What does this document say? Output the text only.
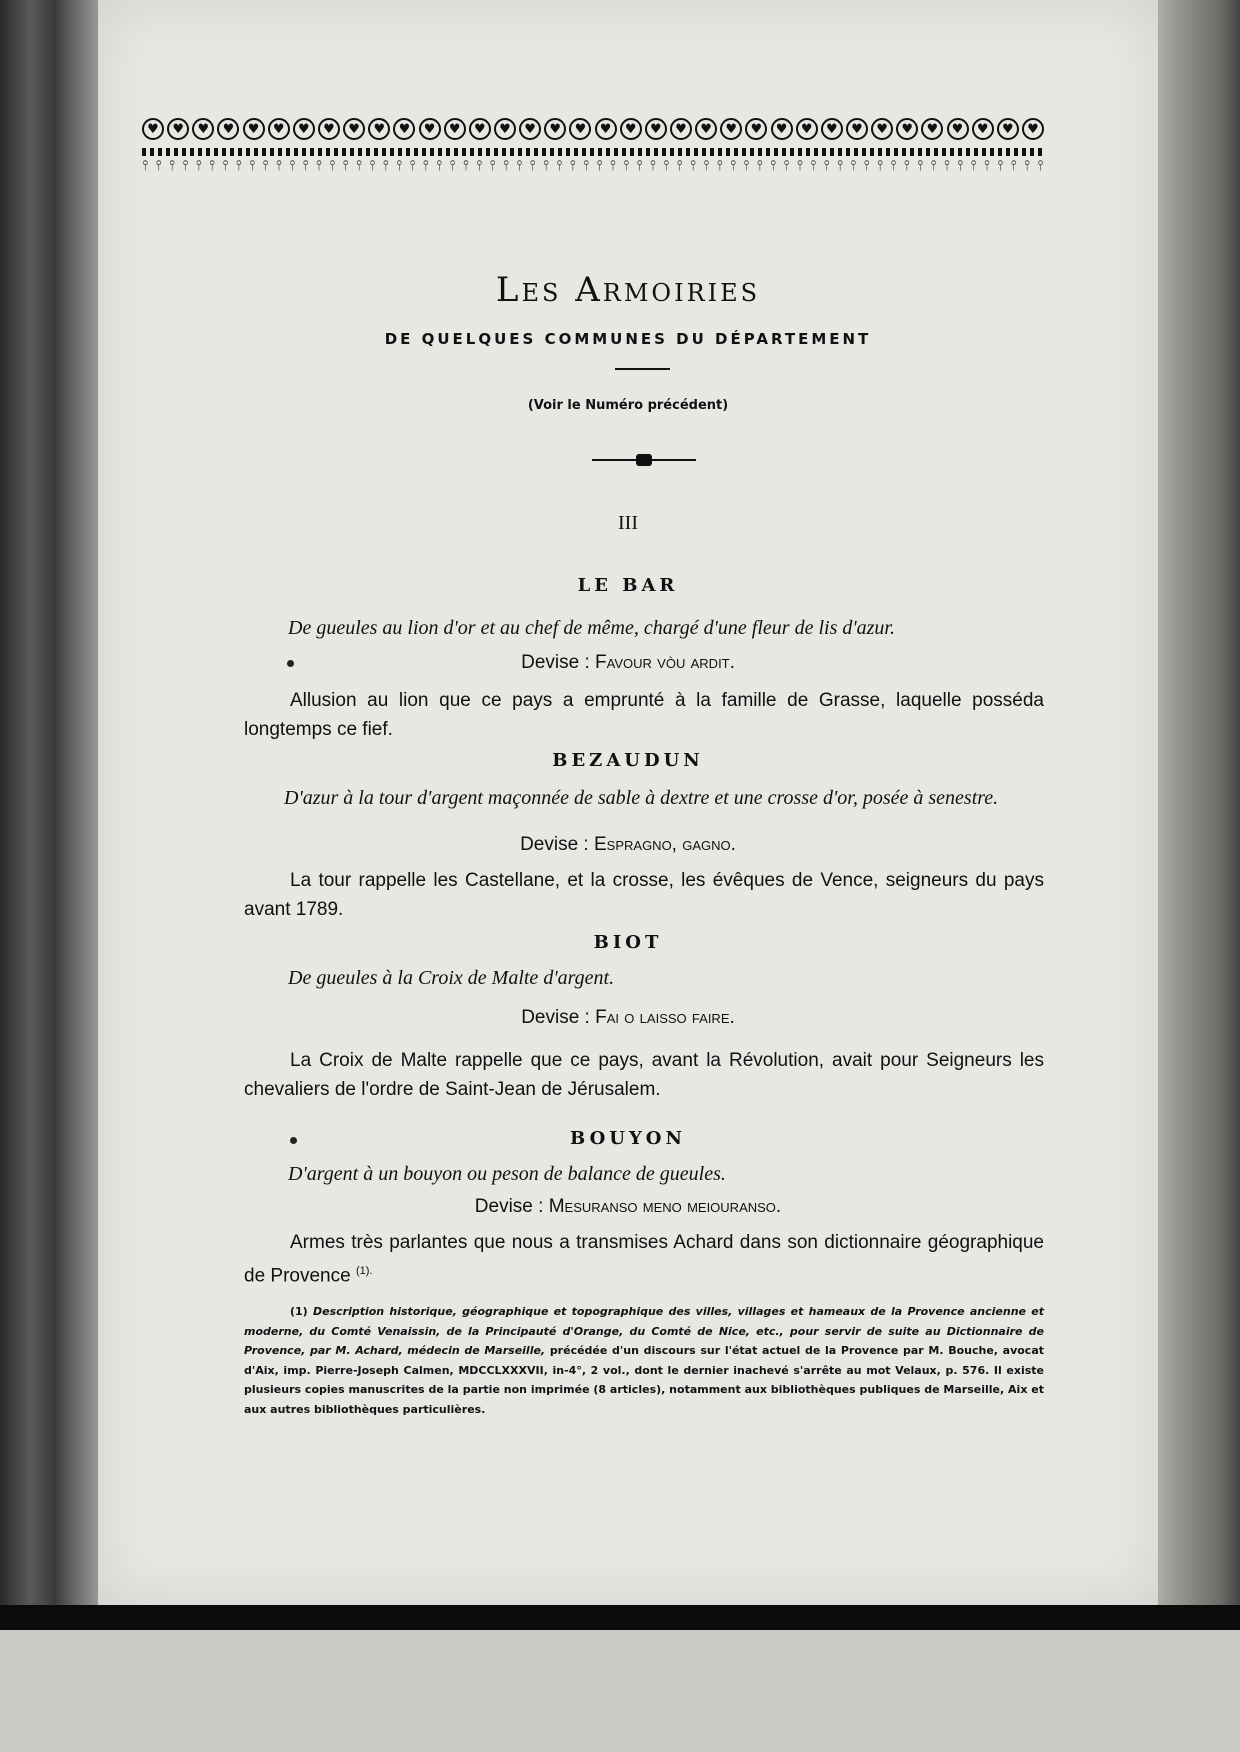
♥	♥	♥	♥	♥	♥	♥	♥	♥	♥	♥	♥	♥	♥	♥	♥	♥	♥	♥	♥	♥	♥	♥	♥	♥	♥	♥	♥	♥	♥	♥	♥	♥	♥	♥	♥
⫯ ⫯ ⫯ ⫯ ⫯ ⫯ ⫯ ⫯ ⫯ ⫯ ⫯ ⫯ ⫯ ⫯ ⫯ ⫯ ⫯ ⫯ ⫯ ⫯ ⫯ ⫯ ⫯ ⫯ ⫯ ⫯ ⫯ ⫯ ⫯ ⫯ ⫯ ⫯ ⫯ ⫯ ⫯ ⫯ ⫯ ⫯ ⫯ ⫯ ⫯ ⫯ ⫯ ⫯ ⫯ ⫯ ⫯ ⫯ ⫯ ⫯ ⫯ ⫯ ⫯ ⫯ ⫯ ⫯ ⫯ ⫯ ⫯ ⫯ ⫯ ⫯ ⫯ ⫯ ⫯ ⫯ ⫯ ⫯
Les Armoiries
DE QUELQUES COMMUNES DU DÉPARTEMENT
(Voir le Numéro précédent)
III
LE BAR
De gueules au lion d'or et au chef de même, chargé d'une fleur de lis d'azur.
Devise : Favour vòu ardit.
Allusion au lion que ce pays a emprunté à la famille de Grasse, laquelle posséda longtemps ce fief.
BEZAUDUN
D'azur à la tour d'argent maçonnée de sable à dextre et une crosse d'or, posée à senestre.
Devise : Espragno, gagno.
La tour rappelle les Castellane, et la crosse, les évêques de Vence, seigneurs du pays avant 1789.
BIOT
De gueules à la Croix de Malte d'argent.
Devise : Fai o laisso faire.
La Croix de Malte rappelle que ce pays, avant la Révolution, avait pour Seigneurs les chevaliers de l'ordre de Saint-Jean de Jérusalem.
BOUYON
D'argent à un bouyon ou peson de balance de gueules.
Devise : Mesuranso meno meiouranso.
Armes très parlantes que nous a transmises Achard dans son dictionnaire géographique de Provence $^{(1).}$
(1) Description historique, géographique et topographique des villes, villages et hameaux de la Provence ancienne et moderne, du Comté Venaissin, de la Principauté d'Orange, du Comté de Nice, etc., pour servir de suite au Dictionnaire de Provence, par M. Achard, médecin de Marseille, précédée d'un discours sur l'état actuel de la Provence par M. Bouche, avocat d'Aix, imp. Pierre-Joseph Calmen, MDCCLXXXVII, in-4°, 2 vol., dont le dernier inachevé s'arrête au mot Velaux, p. 576. Il existe plusieurs copies manuscrites de la partie non imprimée (8 articles), notamment aux bibliothèques publiques de Marseille, Aix et aux autres bibliothèques particulières.
